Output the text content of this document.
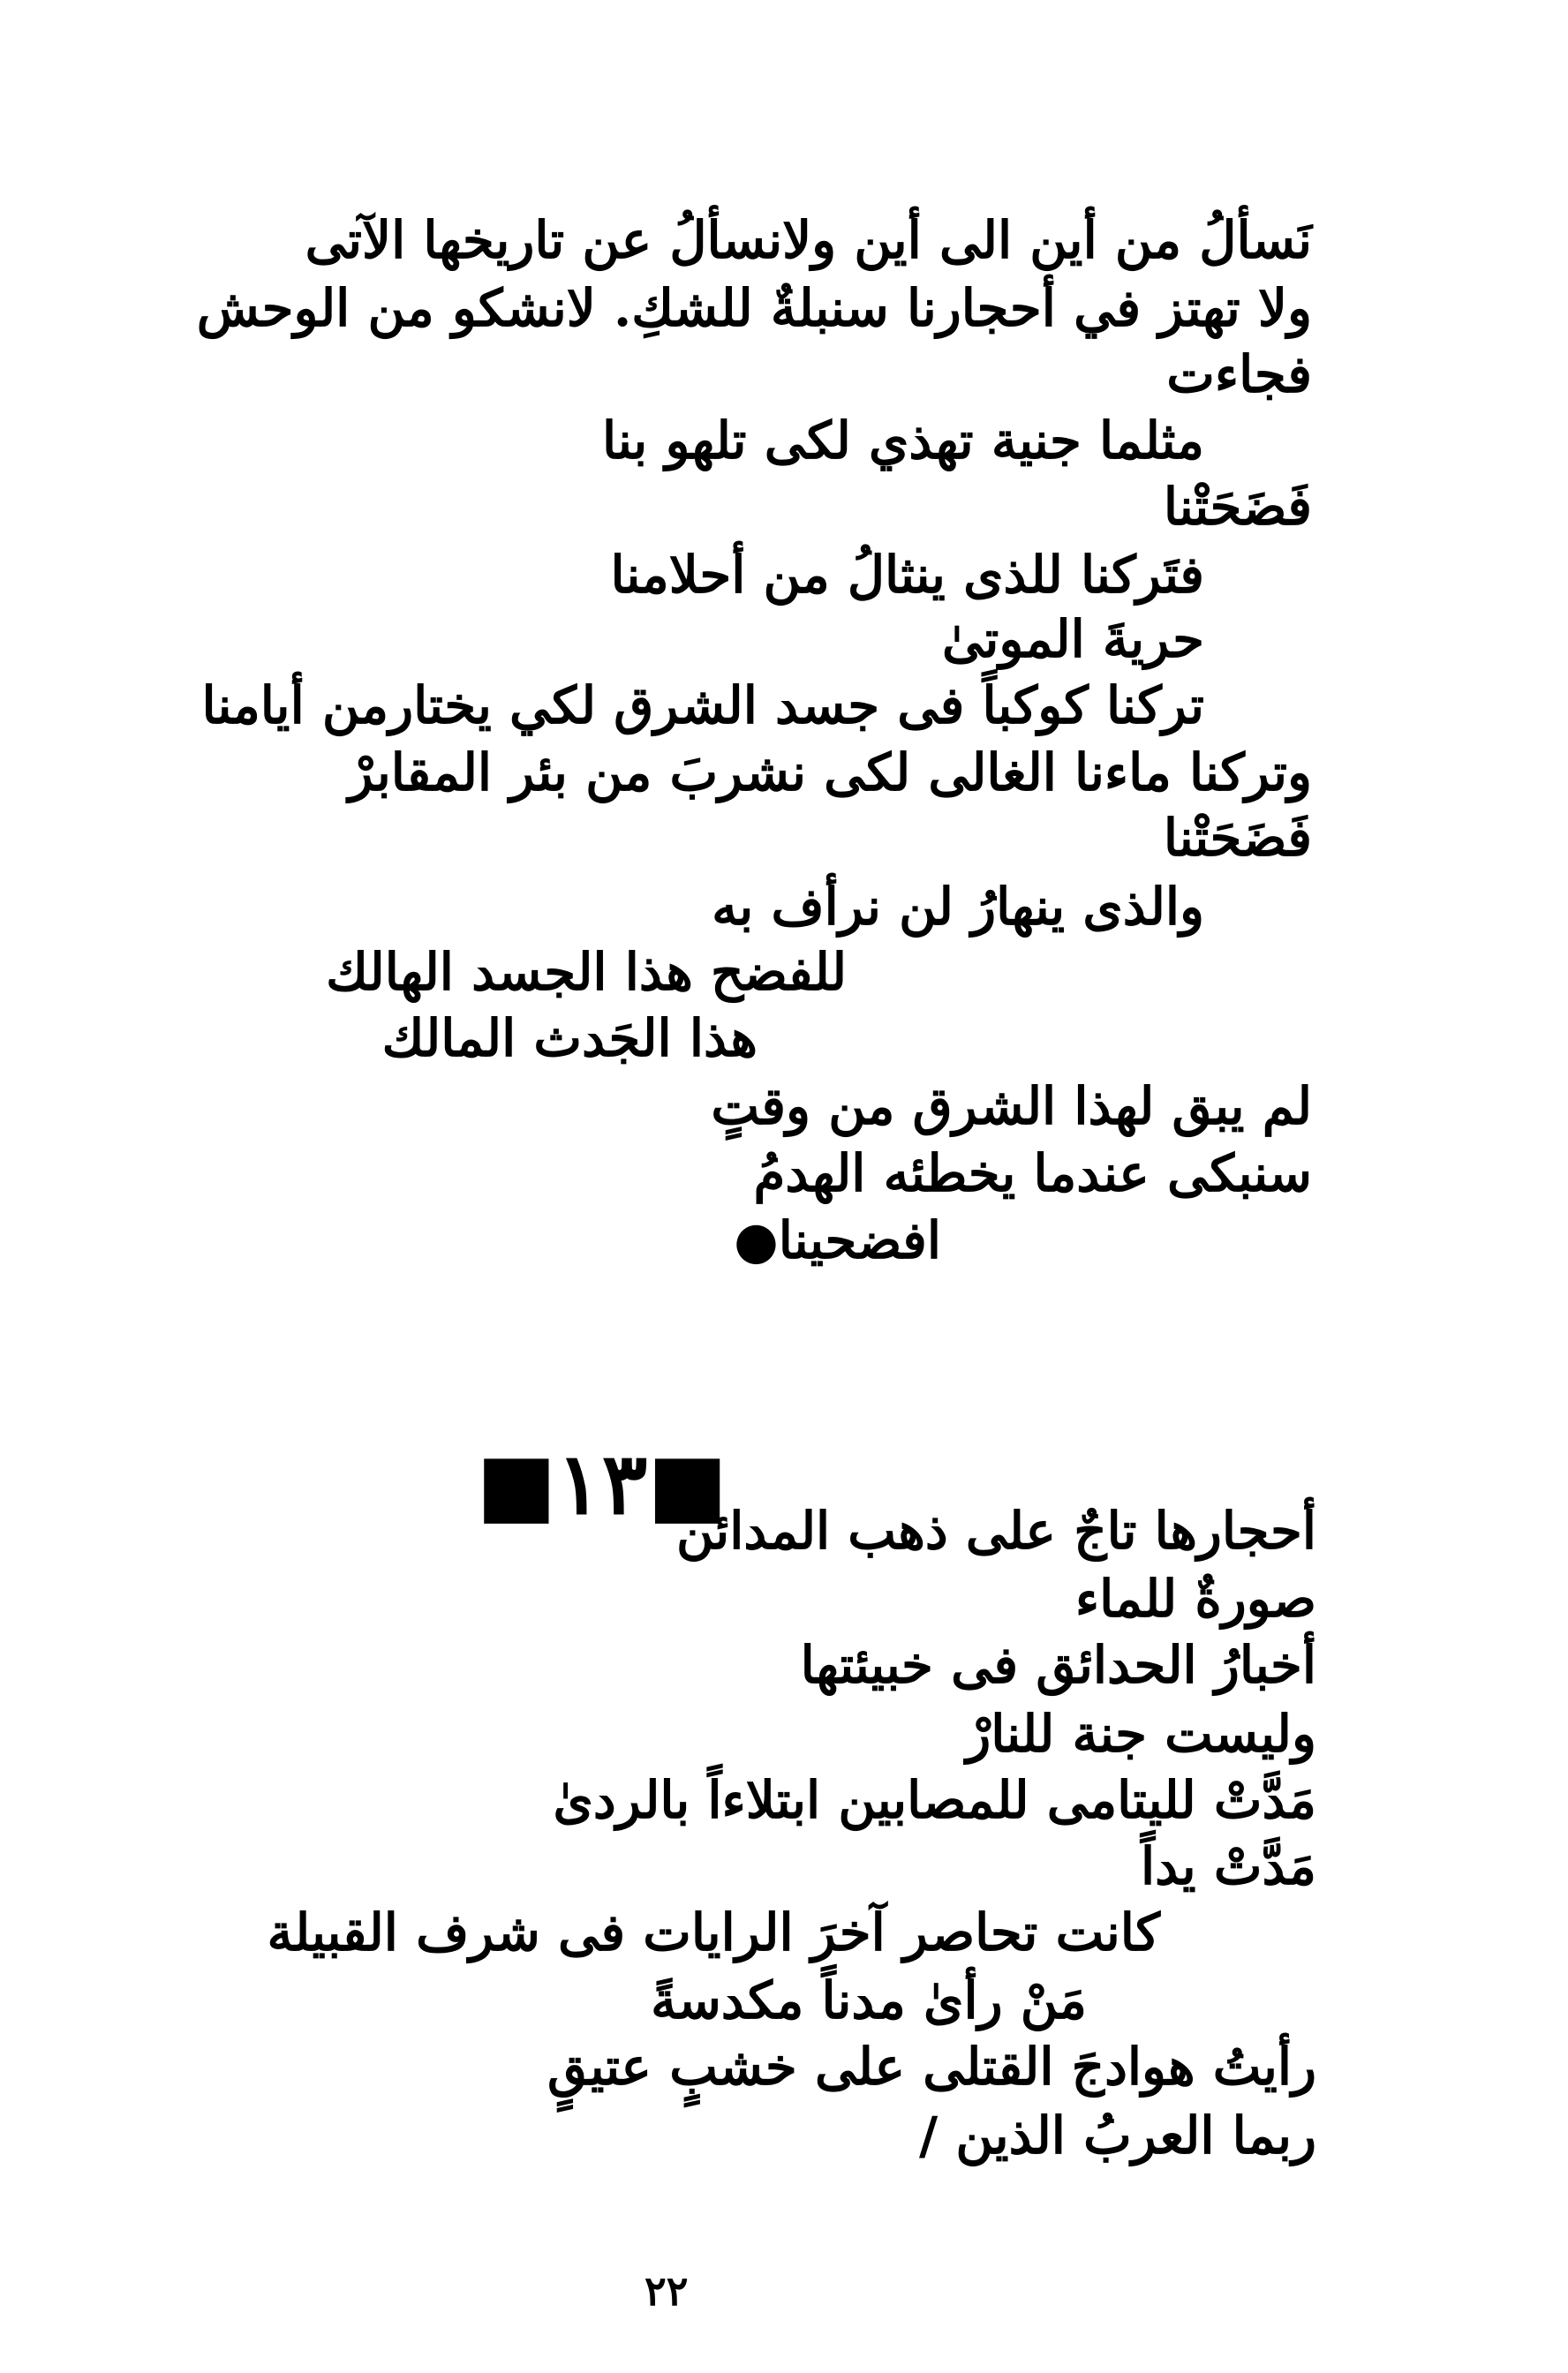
نَسألُ من أين الى أين ولانسألُ عن تاريخها الآتى
ولا تهتز في أحجارنا سنبلةٌ للشكِ. لانشكو من الوحش
فجاءت
مثلما جنية تهذي لكى تلهو بنا
فَضَحَتْنا
فتَركنا للذى ينثالُ من أحلامنا
حريةَ الموتىٰ
تركنا كوكباً فى جسد الشرق لكي يختارمن أيامنا
وتركنا ماءنا الغالى لكى نشربَ من بئر المقابرْ
فَضَحَتْنا
والذى ينهارُ لن نرأف به
للفضح هذا الجسد الهالك
هذا الجَدث المالك
لم يبق لهذا الشرق من وقتٍ
سنبكى عندما يخطئه الهدمُ
افضحينا●
■١٣■
أحجارها تاجٌ على ذهب المدائن
صورةٌ للماء
أخبارُ الحدائق فى خبيئتها
وليست جنة للنارْ
مَدَّتْ لليتامى للمصابين ابتلاءاً بالردىٰ
مَدَّتْ يداً
كانت تحاصر آخرَ الرايات فى شرف القبيلة
مَنْ رأىٰ مدناً مكدسةً
رأيتُ هوادجَ القتلى على خشبٍ عتيقٍ
ربما العربُ الذين /
٢٢
